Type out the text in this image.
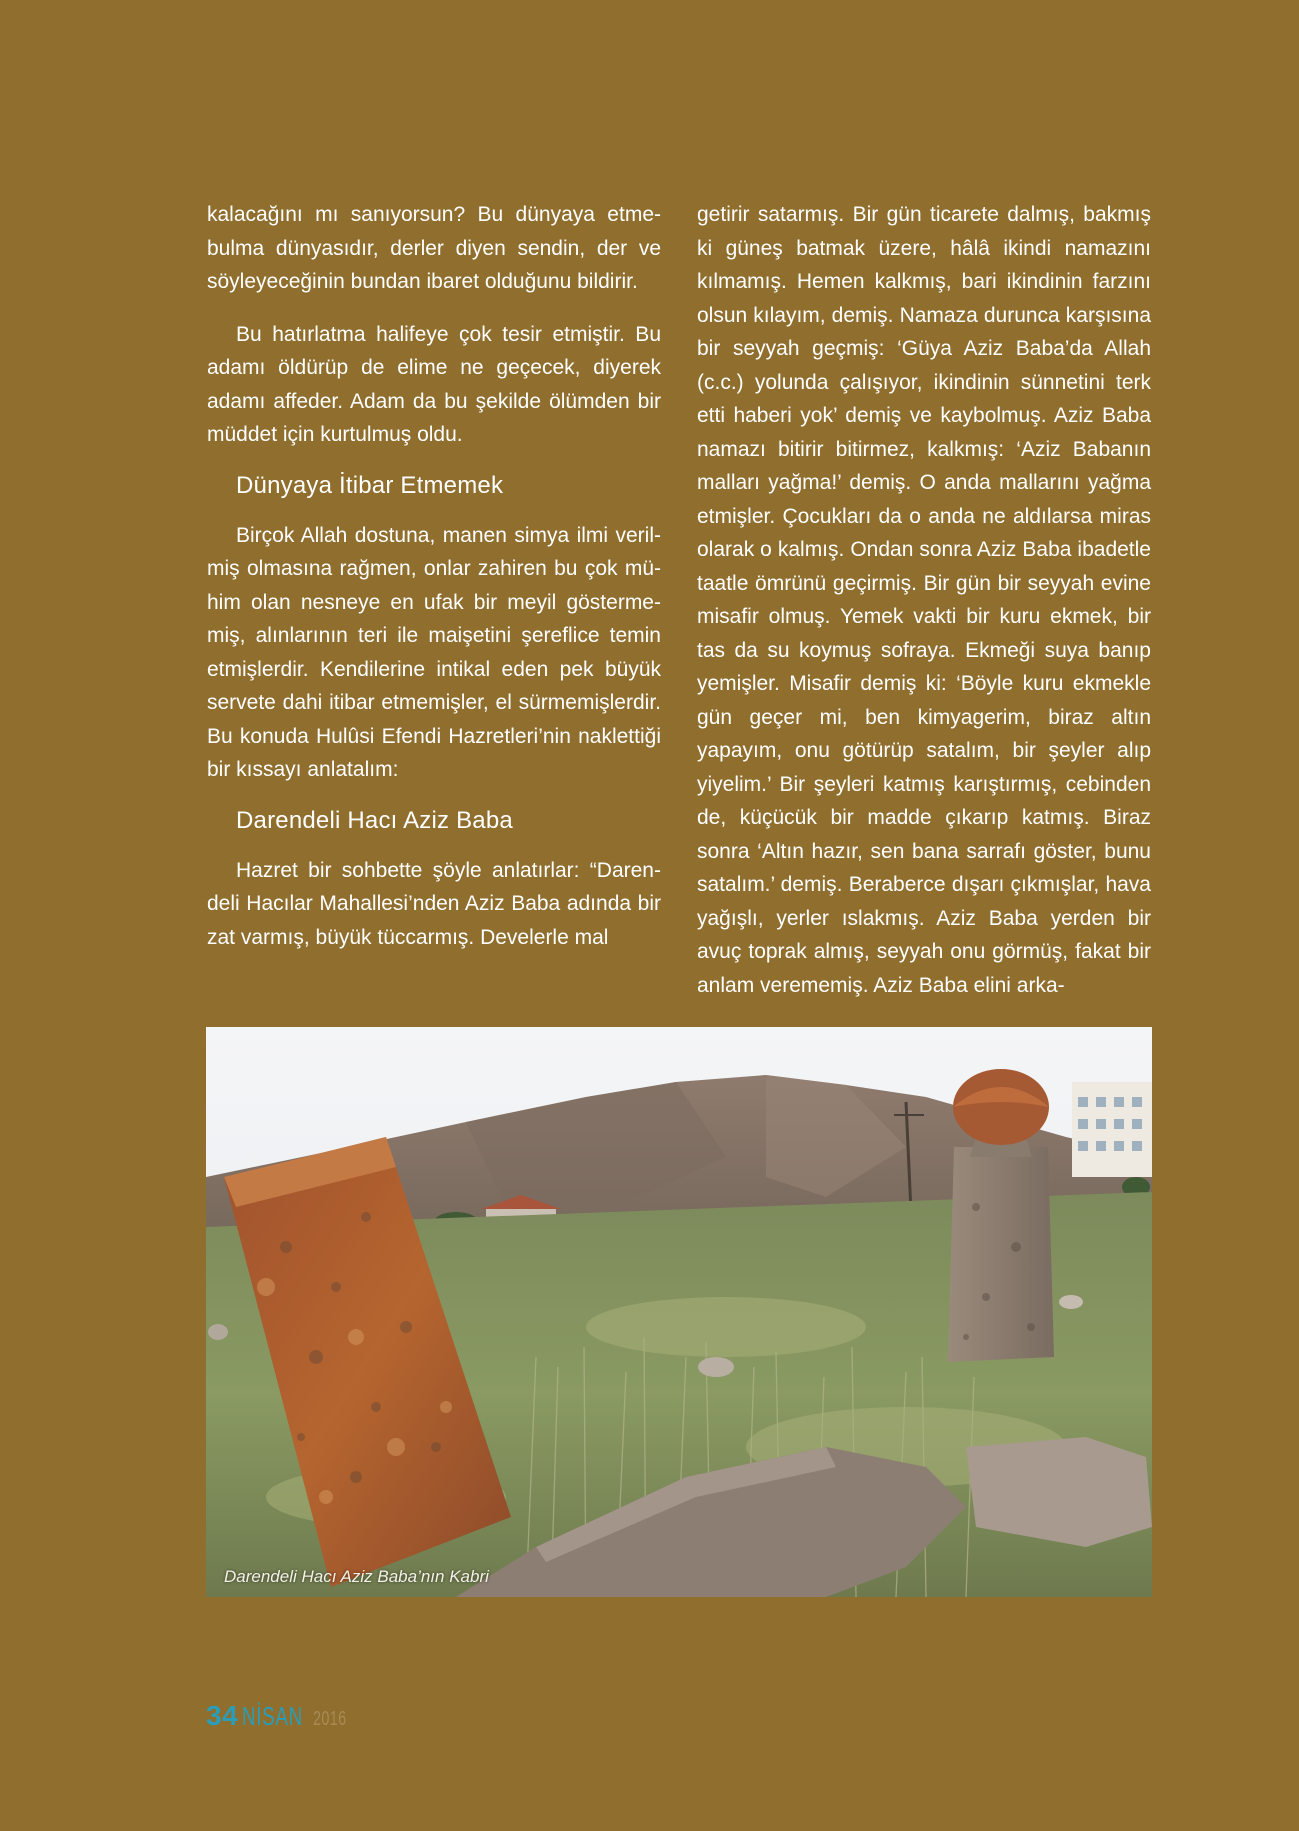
kalacağını mı sanıyorsun? Bu dünyaya etmebulma dünyasıdır, derler diyen sendin, der ve söyleyeceğinin bundan ibaret olduğunu bildirir.

Bu hatırlatma halifeye çok tesir etmiştir. Bu adamı öldürüp de elime ne geçecek, diyerek adamı affeder. Adam da bu şekilde ölümden bir müddet için kurtulmuş oldu.

Dünyaya İtibar Etmemek

Birçok Allah dostuna, manen simya ilmi verilmiş olmasına rağmen, onlar zahiren bu çok mühim olan nesneye en ufak bir meyil göstermemiş, alınlarının teri ile maişetini şereflice temin etmişlerdir. Kendilerine intikal eden pek büyük servete dahi itibar etmemişler, el sürmemişlerdir. Bu konuda Hulûsi Efendi Hazretleri’nin naklettiği bir kıssayı anlatalım:

Darendeli Hacı Aziz Baba

Hazret bir sohbette şöyle anlatırlar: “Darendeli Hacılar Mahallesi’nden Aziz Baba adında bir zat varmış, büyük tüccarmış. Develerle mal

getirir satarmış. Bir gün ticarete dalmış, bakmış ki güneş batmak üzere, hâlâ ikindi namazını kılmamış. Hemen kalkmış, bari ikindinin farzını olsun kılayım, demiş. Namaza durunca karşısına bir seyyah geçmiş: ‘Güya Aziz Baba’da Allah (c.c.) yolunda çalışıyor, ikindinin sünnetini terk etti haberi yok’ demiş ve kaybolmuş. Aziz Baba namazı bitirir bitirmez, kalkmış: ‘Aziz Babanın malları yağma!’ demiş. O anda mallarını yağma etmişler. Çocukları da o anda ne aldılarsa miras olarak o kalmış. Ondan sonra Aziz Baba ibadetle taatle ömrünü geçirmiş. Bir gün bir seyyah evine misafir olmuş. Yemek vakti bir kuru ekmek, bir tas da su koymuş sofraya. Ekmeği suya banıp yemişler. Misafir demiş ki: ‘Böyle kuru ekmekle gün geçer mi, ben kimyagerim, biraz altın yapayım, onu götürüp satalım, bir şeyler alıp yiyelim.’ Bir şeyleri katmış karıştırmış, cebinden de, küçücük bir madde çıkarıp katmış. Biraz sonra ‘Altın hazır, sen bana sarrafı göster, bunu satalım.’ demiş. Beraberce dışarı çıkmışlar, hava yağışlı, yerler ıslakmış. Aziz Baba yerden bir avuç toprak almış, seyyah onu görmüş, fakat bir anlam verememiş. Aziz Baba elini arka-

Darendeli Hacı Aziz Baba’nın Kabri
34 NİSAN 2016
